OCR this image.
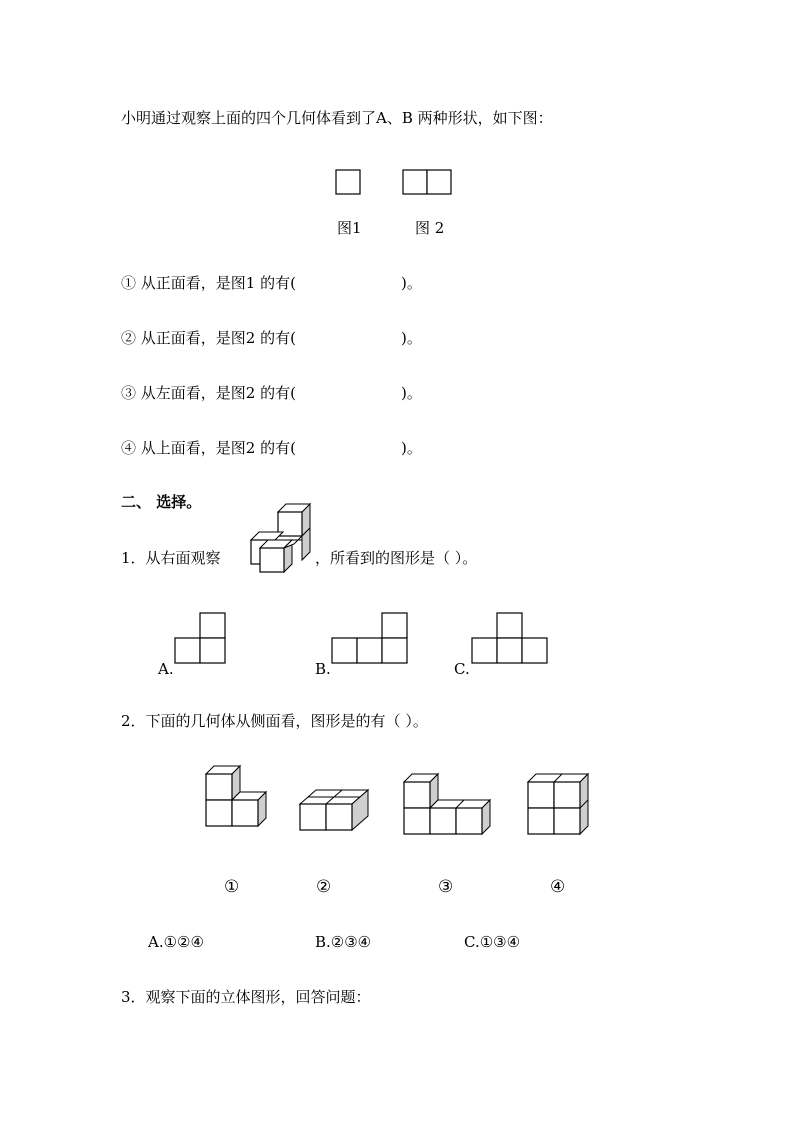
小明通过观察上面的四个几何体看到了A、B 两种形状，如下图：
图1	图 2
① 从正面看，是图1 的有(	)。
② 从正面看，是图2 的有(	)。
③ 从左面看，是图2 的有(	)。
④ 从上面看，是图2 的有(	)。
二、 选择。
1．从右面观察	，所看到的图形是（ ）。
A.	B.	C.
2．下面的几何体从侧面看，图形是的有（ ）。
①	②	③	④
A.①②④	B.②③④	C.①③④
3．观察下面的立体图形，回答问题：
